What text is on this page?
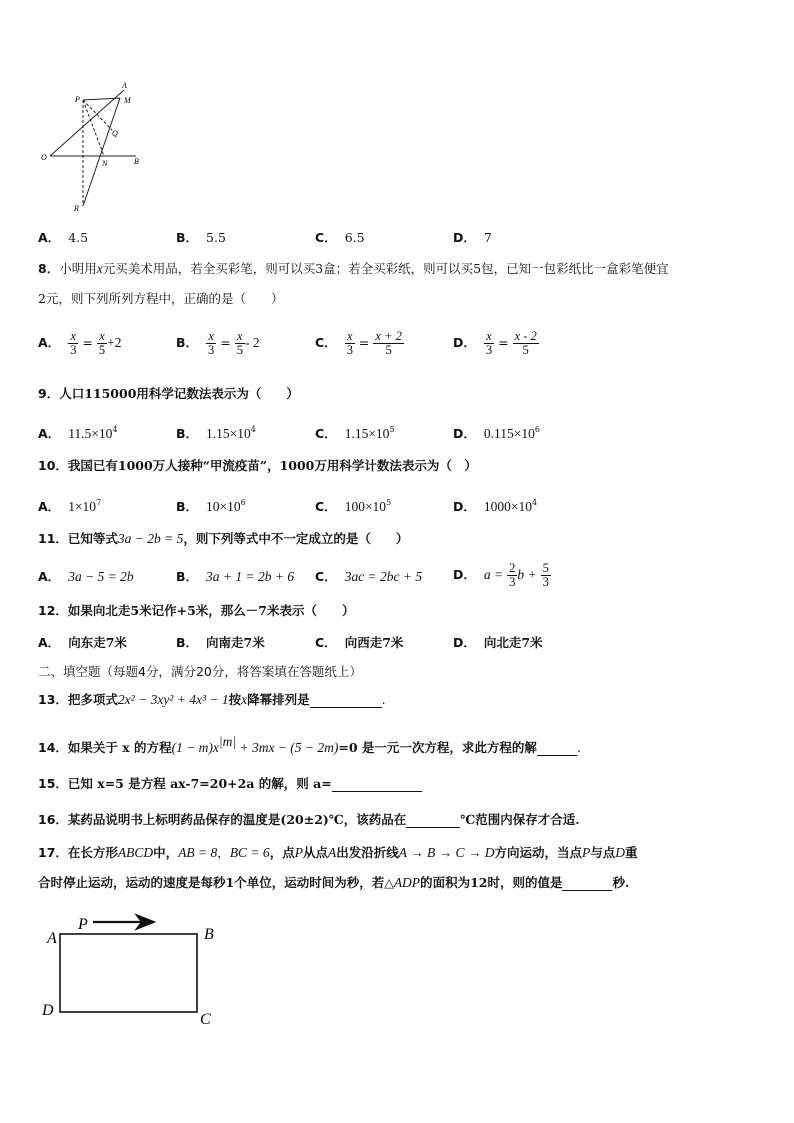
P
A
M
Q
O
N	B
R
A． 4.5	B． 5.5	C． 6.5	D． 7
8．小明用x元买美术用品，若全买彩笔，则可以买3盒；若全买彩纸，则可以买5包，已知一包彩纸比一盒彩笔便宜
2元，则下列所列方程中，正确的是（　　）
A． $\frac{x}{3} = \frac{x}{5} +2$	B． $\frac{x}{3} = \frac{x}{5} - 2$	C． $\frac{x}{3} = \frac{x + 2}{5}$	D． $\frac{x}{3} = \frac{x - 2}{5}$
9．人口115000用科学记数法表示为（　　）
A． $11.5\times 10^4$	B． $1.15\times 10^4$	C． $1.15\times 10^5$	D． $0.115\times 10^6$
10．我国已有1000万人接种“甲流疫苗”，1000万用科学计数法表示为（　）
A． $1\times 10^7$	B． $10\times 10^6$	C． $100\times 10^5$	D． $1000\times 10^4$
11．已知等式3a − 2b = 5，则下列等式中不一定成立的是（　　）
A． 3a − 5 = 2b	B． 3a + 1 = 2b + 6 C． 3ac = 2bc + 5 D． $a = \frac{2}{3}$ $b + \frac{5}{3}$
12．如果向北走5米记作+5米，那么－7米表示（　　）
A． 向东走7米	B． 向南走7米	C． 向西走7米	D． 向北走7米
二、填空题（每题4分，满分20分，将答案填在答题纸上）
13．把多项式2x² − 3xy² + 4x³ − 1按x降幂排列是	.
14．如果关于 x 的方程$(1 - m)x^{|m|} + 3mx - (5 - 2m)=0$ 是一元一次方程，求此方程的解	.
15．已知 x=5 是方程 ax-7=20+2a 的解，则 a=
16．某药品说明书上标明药品保存的温度是(20±2)℃，该药品在	℃范围内保存才合适.
17．在长方形ABCD中，AB = 8，BC = 6，点P从点A出发沿折线A → B → C → D方向运动，当点P与点D重
合时停止运动，运动的速度是每秒1个单位，运动时间为秒，若△ADP的面积为12时，则的值是	秒.
P
A	B
C
D
